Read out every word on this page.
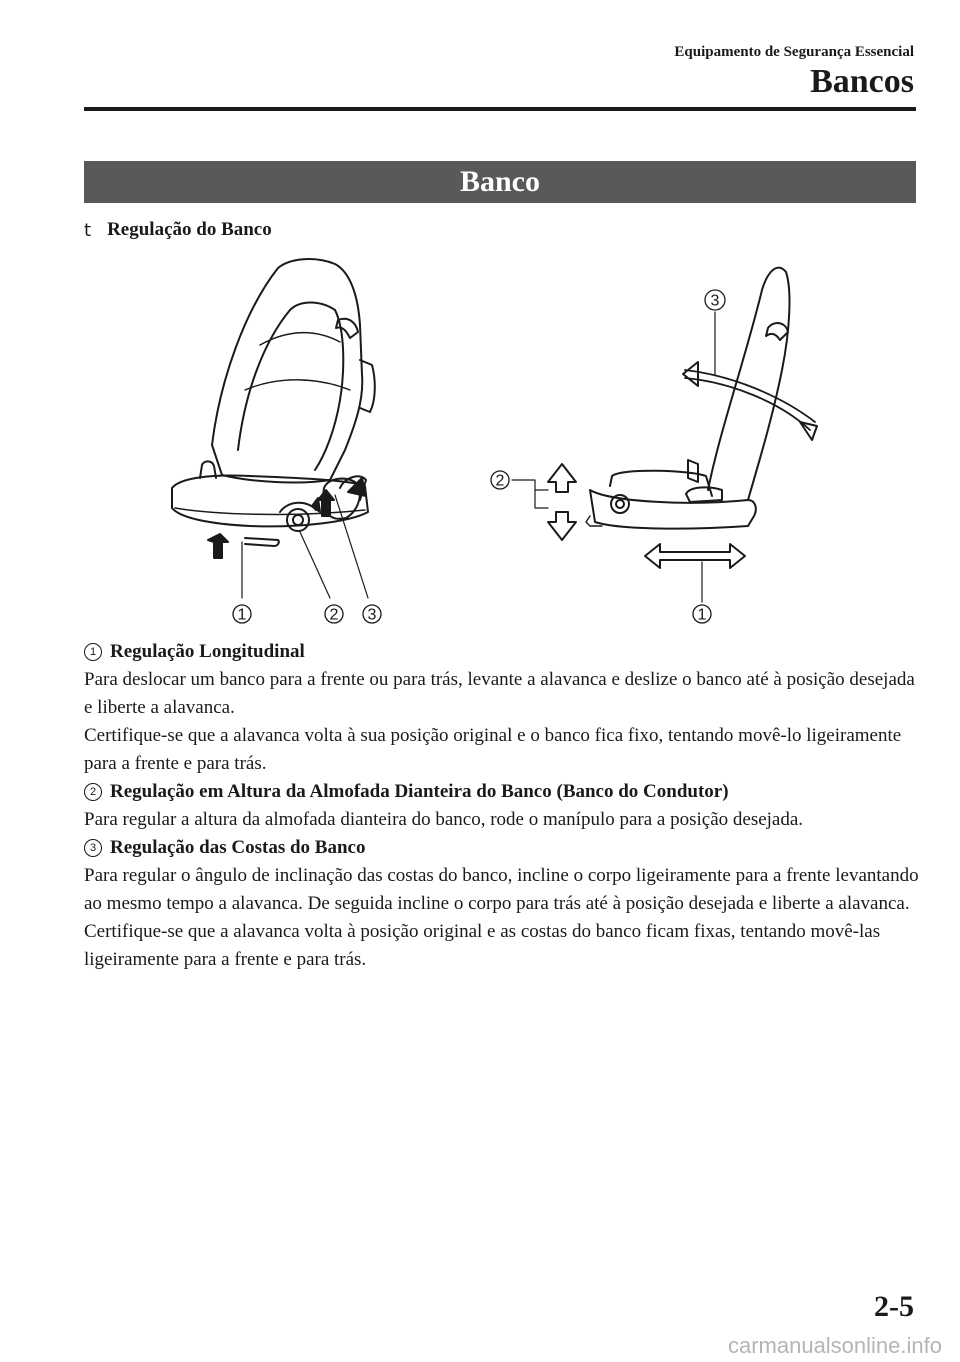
Equipamento de Segurança Essencial
Bancos
Banco
t Regulação do Banco
1	2 3
3
2
1

1 Regulação Longitudinal

Para deslocar um banco para a frente ou para trás, levante a alavanca e deslize o banco até à posição desejada e liberte a alavanca.

Certifique-se que a alavanca volta à sua posição original e o banco fica fixo, tentando movê-lo ligeiramente para a frente e para trás.

2 Regulação em Altura da Almofada Dianteira do Banco (Banco do Condutor)

Para regular a altura da almofada dianteira do banco, rode o manípulo para a posição desejada.

3 Regulação das Costas do Banco

Para regular o ângulo de inclinação das costas do banco, incline o corpo ligeiramente para a frente levantando ao mesmo tempo a alavanca. De seguida incline o corpo para trás até à posição desejada e liberte a alavanca.

Certifique-se que a alavanca volta à posição original e as costas do banco ficam fixas, tentando movê-las ligeiramente para a frente e para trás.

2-5
carmanualsonline.info
